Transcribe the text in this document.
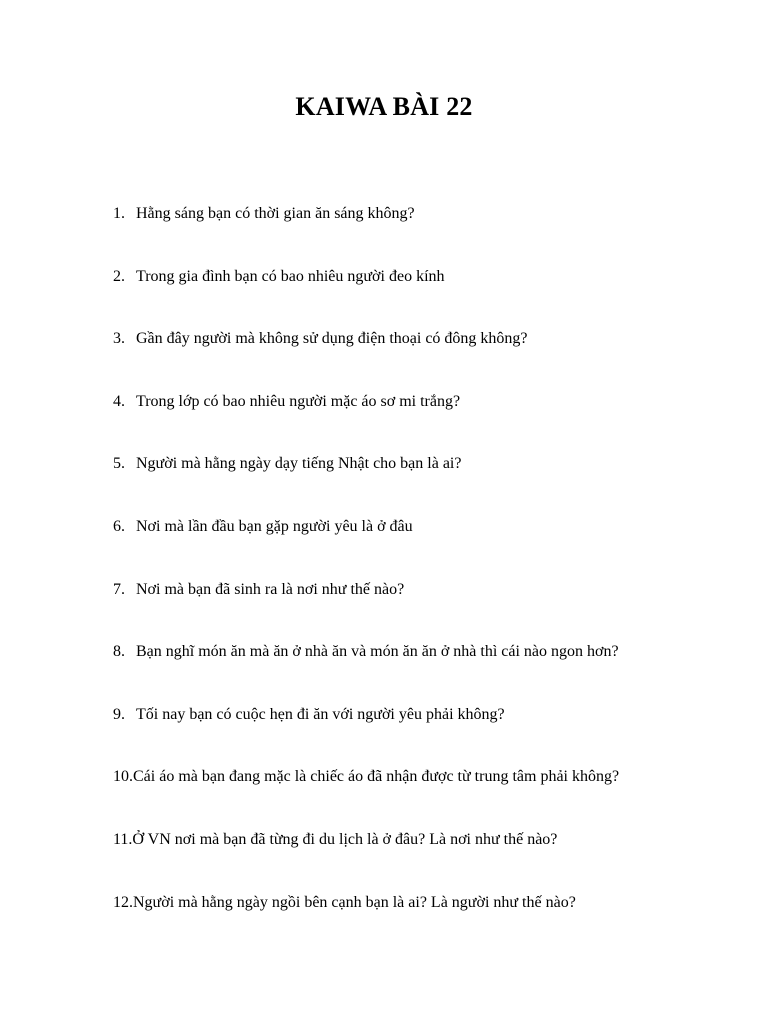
KAIWA BÀI 22
1. Hằng sáng bạn có thời gian ăn sáng không?
2. Trong gia đình bạn có bao nhiêu người đeo kính
3. Gần đây người mà không sử dụng điện thoại có đông không?
4. Trong lớp có bao nhiêu người mặc áo sơ mi trắng?
5. Người mà hằng ngày dạy tiếng Nhật cho bạn là ai?
6. Nơi mà lần đầu bạn gặp người yêu là ở đâu
7. Nơi mà bạn đã sinh ra là nơi như thế nào?
8. Bạn nghĩ món ăn mà ăn ở nhà ăn và món ăn ăn ở nhà thì cái nào ngon hơn?
9. Tối nay bạn có cuộc hẹn đi ăn với người yêu phải không?
10. Cái áo mà bạn đang mặc là chiếc áo đã nhận được từ trung tâm phải không?
11. Ở VN nơi mà bạn đã từng đi du lịch là ở đâu? Là nơi như thế nào?
12. Người mà hằng ngày ngồi bên cạnh bạn là ai? Là người như thế nào?
